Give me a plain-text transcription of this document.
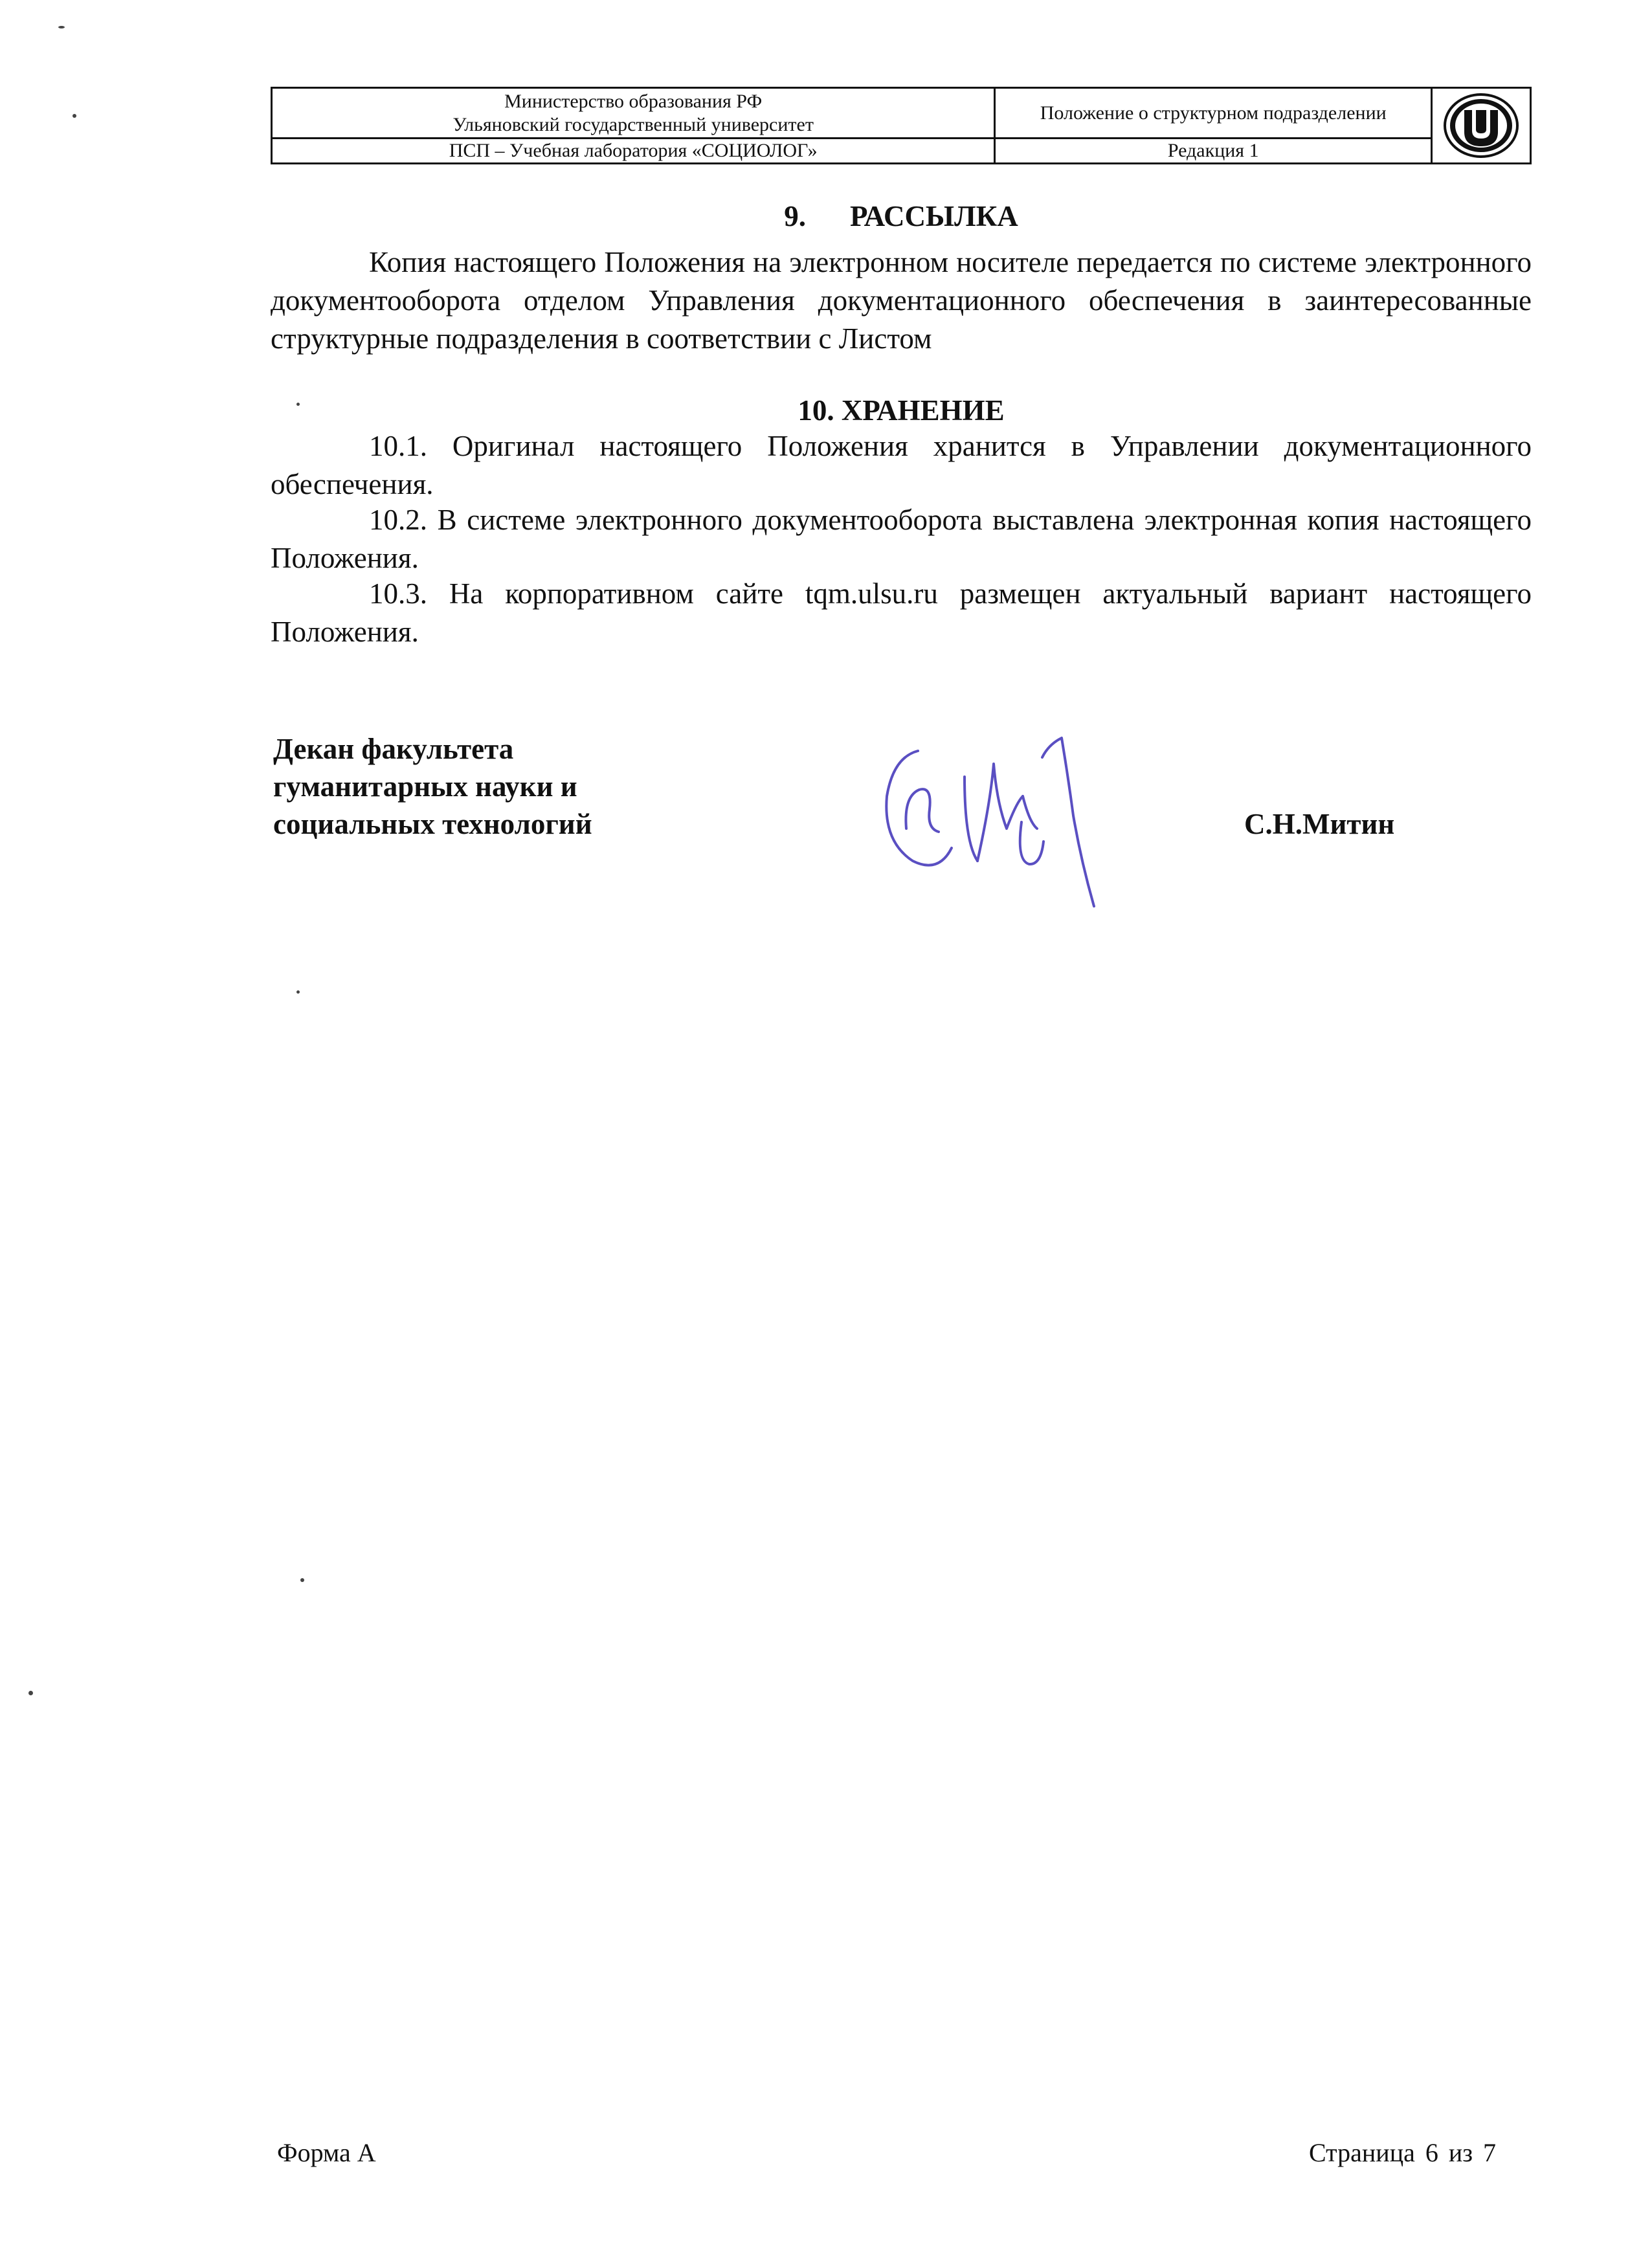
Министерство образования РФ
Ульяновский государственный университет	Положение о структурном подразделении	

ПСП – Учебная лаборатория «СОЦИОЛОГ»	Редакция 1	
9. РАССЫЛКА

Копия настоящего Положения на электронном носителе передается по системе электронного документооборота отделом Управления документационного обеспечения в заинтересованные структурные подразделения в соответствии с Листом

10. ХРАНЕНИЕ

10.1. Оригинал настоящего Положения хранится в Управлении документационного обеспечения.

10.2. В системе электронного документооборота выставлена электронная копия настоящего Положения.

10.3. На корпоративном сайте tqm.ulsu.ru размещен актуальный вариант настоящего Положения.

Декан факультета
гуманитарных науки и
социальных технологий	С.Н.Митин
Форма А	Страница 6 из 7
